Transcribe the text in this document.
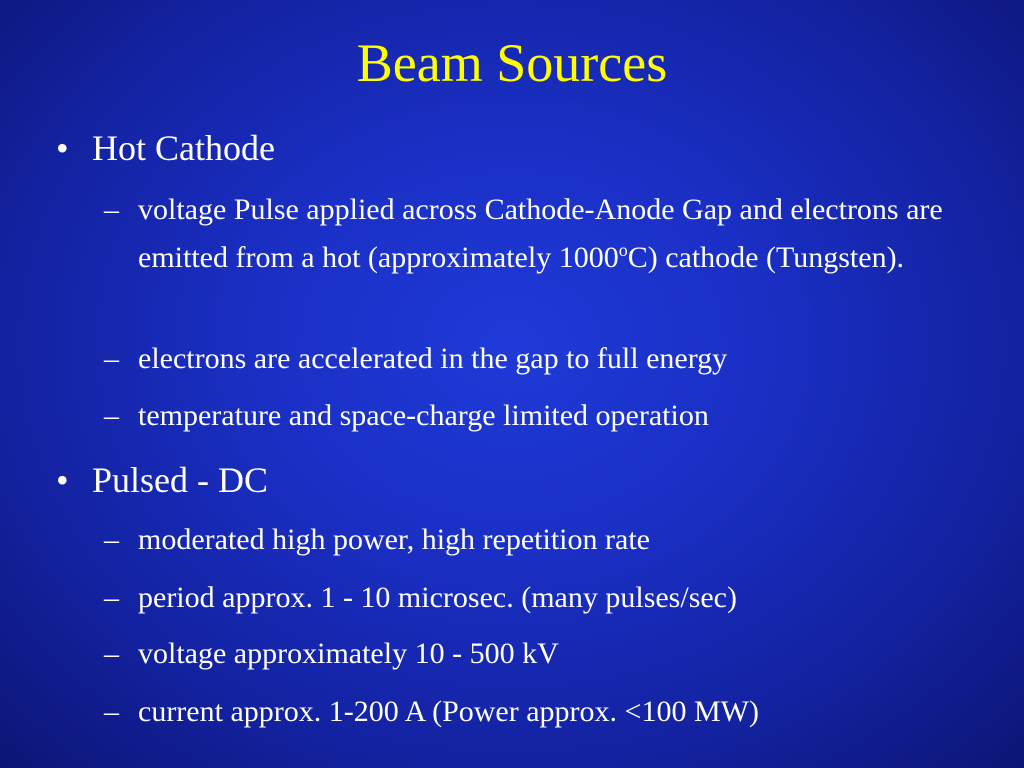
Beam Sources
• Hot Cathode
– voltage Pulse applied across Cathode-Anode Gap and electrons are emitted from a hot (approximately 1000$^o$C) cathode (Tungsten).
– electrons are accelerated in the gap to full energy
– temperature and space-charge limited operation
• Pulsed - DC
– moderated high power, high repetition rate
– period approx. 1 - 10 microsec. (many pulses/sec)
– voltage approximately 10 - 500 kV
– current approx. 1-200 A (Power approx. <100 MW)
